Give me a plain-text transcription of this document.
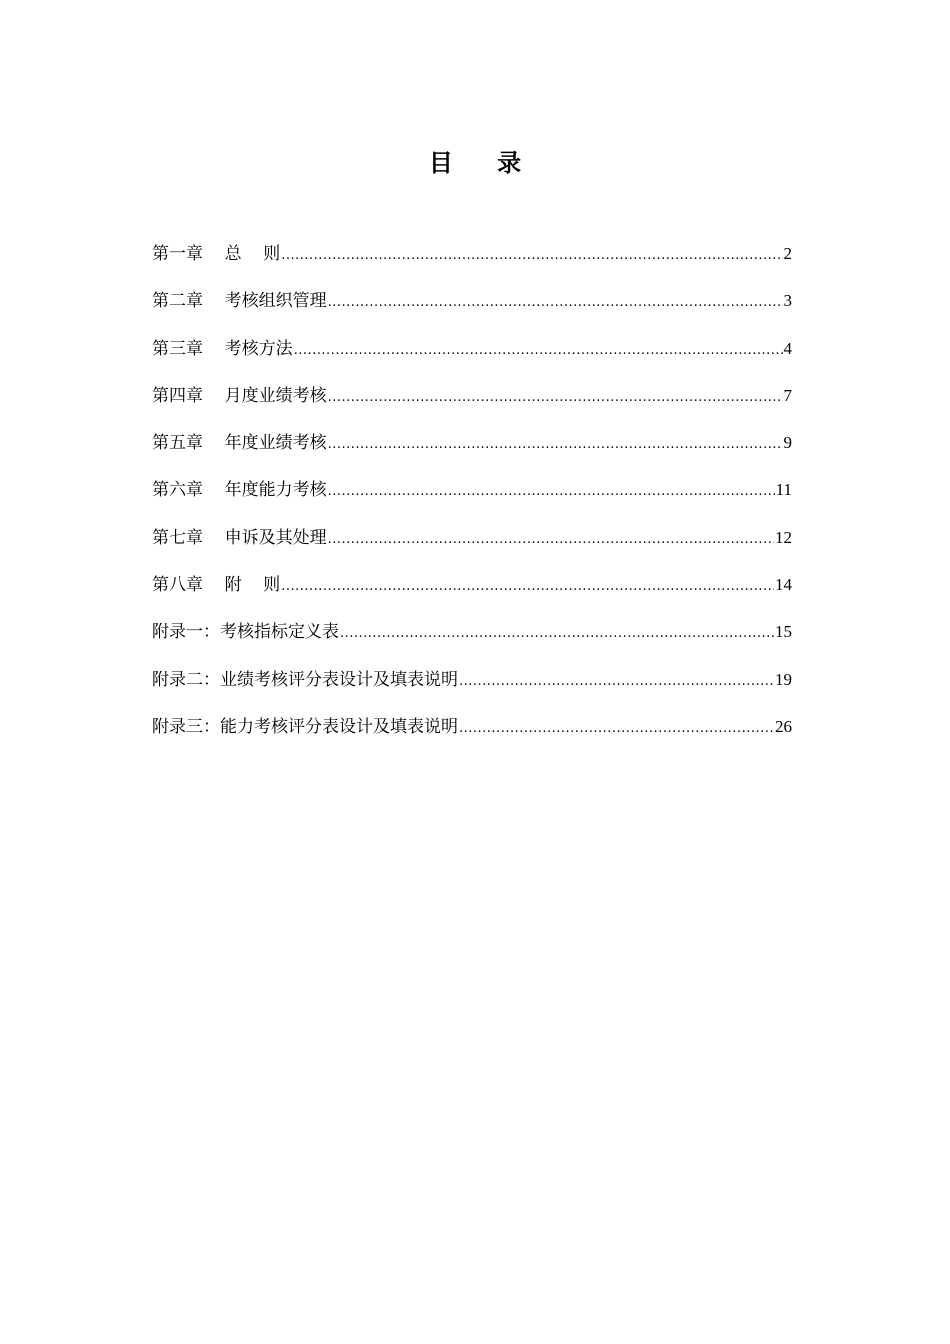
目 录
第一章    总    则 .....	2
第二章    考核组织管理 .....	3
第三章    考核方法 .....	4
第四章    月度业绩考核 .....	7
第五章    年度业绩考核 .....	9
第六章    年度能力考核 .....	11
第七章    申诉及其处理 .....	12
第八章    附    则 .....	14
附录一：考核指标定义表 .....	15
附录二：业绩考核评分表设计及填表说明 .....	19
附录三：能力考核评分表设计及填表说明 .....	26
